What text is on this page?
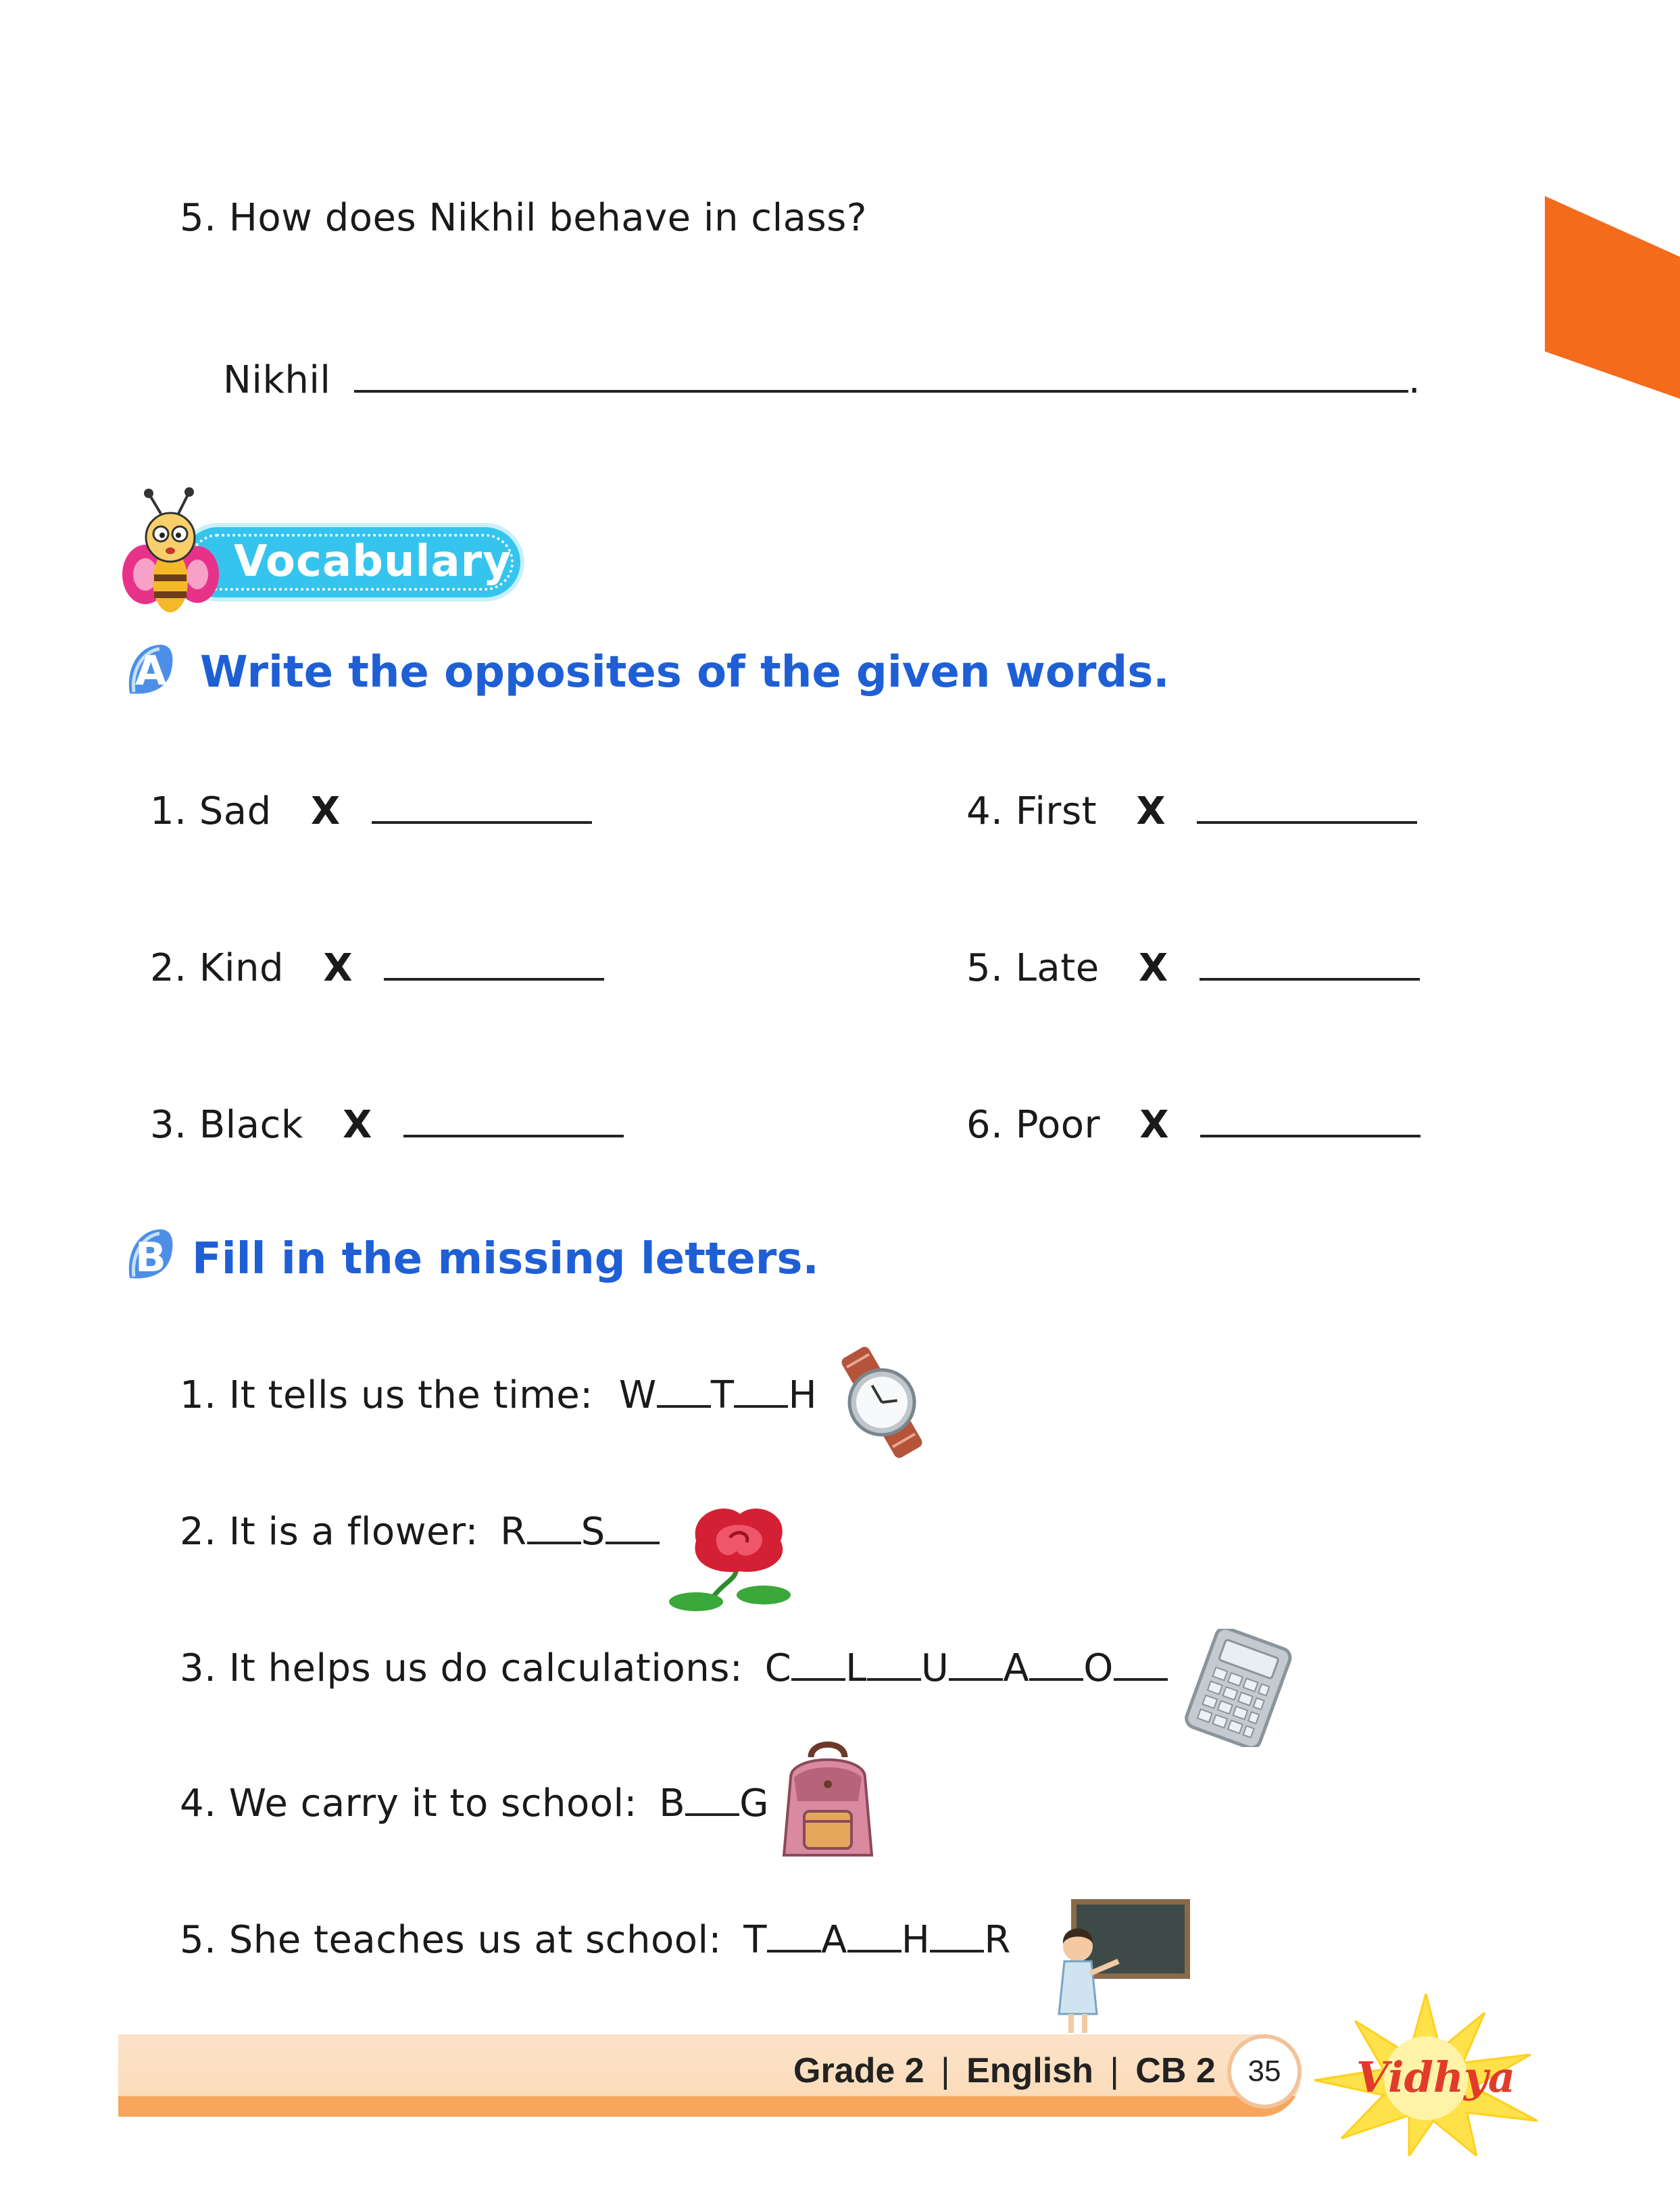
5. How does Nikhil behave in class?
Nikhil	.
Vocabulary
A Write the opposites of the given words.
1. Sad X
2. Kind X
3. Black X
4. First X
5. Late X
6. Poor X
B Fill in the missing letters.
1. It tells us the time: W T H
2. It is a flower: R S
3. It helps us do calculations: C L U A O
4. We carry it to school: B G
5. She teaches us at school: T A H R
Grade 2 | English | CB 2	35	Vidhya
